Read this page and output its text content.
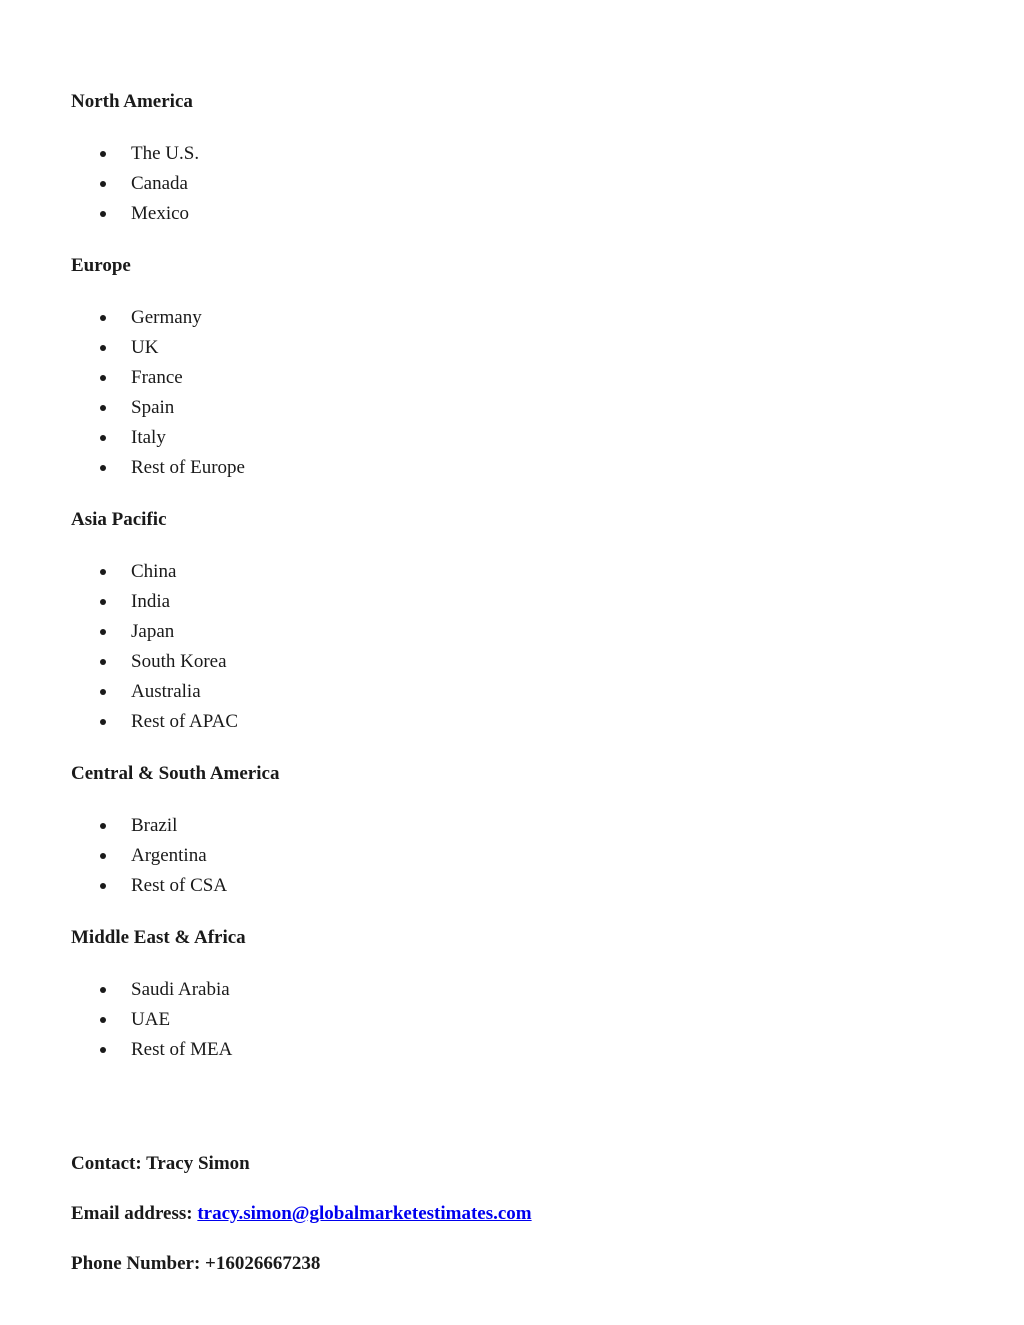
North America
The U.S.
Canada
Mexico
Europe
Germany
UK
France
Spain
Italy
Rest of Europe
Asia Pacific
China
India
Japan
South Korea
Australia
Rest of APAC
Central & South America
Brazil
Argentina
Rest of CSA
Middle East & Africa
Saudi Arabia
UAE
Rest of MEA
Contact: Tracy Simon
Email address: tracy.simon@globalmarketestimates.com
Phone Number: +16026667238
